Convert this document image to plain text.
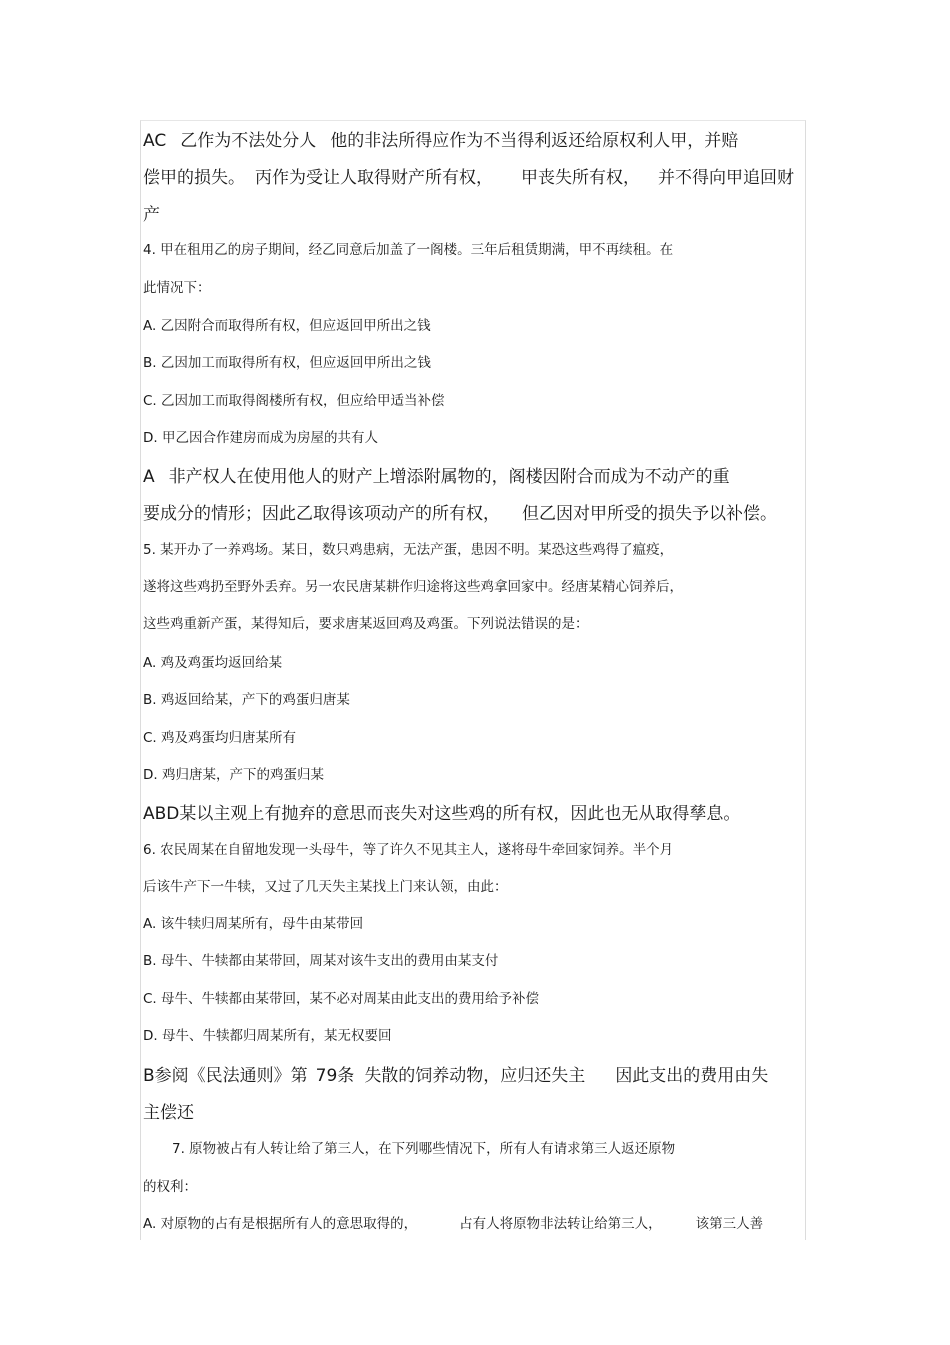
AC 乙作为不法处分人 他的非法所得应作为不当得利返还给原权利人甲，并赔
偿甲的损失。 丙作为受让人取得财产所有权， 甲丧失所有权， 并不得向甲追回财
产
4. 甲在租用乙的房子期间，经乙同意后加盖了一阁楼。三年后租赁期满，甲不再续租。在
此情况下：
A. 乙因附合而取得所有权，但应返回甲所出之钱
B. 乙因加工而取得所有权，但应返回甲所出之钱
C. 乙因加工而取得阁楼所有权，但应给甲适当补偿
D. 甲乙因合作建房而成为房屋的共有人
A 非产权人在使用他人的财产上增添附属物的，阁楼因附合而成为不动产的重
要成分的情形；因此乙取得该项动产的所有权， 但乙因对甲所受的损失予以补偿。
5. 某开办了一养鸡场。某日，数只鸡患病，无法产蛋，患因不明。某恐这些鸡得了瘟疫，
遂将这些鸡扔至野外丢弃。另一农民唐某耕作归途将这些鸡拿回家中。经唐某精心饲养后，
这些鸡重新产蛋，某得知后，要求唐某返回鸡及鸡蛋。下列说法错误的是：
A. 鸡及鸡蛋均返回给某
B. 鸡返回给某，产下的鸡蛋归唐某
C. 鸡及鸡蛋均归唐某所有
D. 鸡归唐某，产下的鸡蛋归某
ABD某以主观上有抛弃的意思而丧失对这些鸡的所有权，因此也无从取得孳息。
6. 农民周某在自留地发现一头母牛，等了许久不见其主人，遂将母牛牵回家饲养。半个月
后该牛产下一牛犊，又过了几天失主某找上门来认领，由此：
A. 该牛犊归周某所有，母牛由某带回
B. 母牛、牛犊都由某带回，周某对该牛支出的费用由某支付
C. 母牛、牛犊都由某带回，某不必对周某由此支出的费用给予补偿
D. 母牛、牛犊都归周某所有，某无权要回
B参阅《民法通则》第 79条 失散的饲养动物，应归还失主 因此支出的费用由失
主偿还
7. 原物被占有人转让给了第三人，在下列哪些情况下，所有人有请求第三人返还原物
的权利：
A. 对原物的占有是根据所有人的意思取得的，	占有人将原物非法转让给第三人，	该第三人善
